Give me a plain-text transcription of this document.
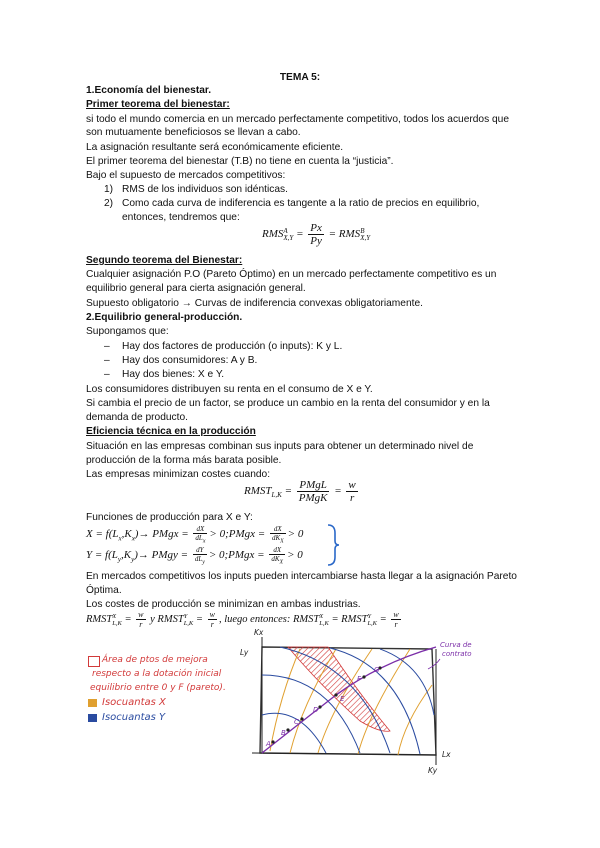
TEMA 5:
1.Economía del bienestar.
Primer teorema del bienestar:
si todo el mundo comercia en un mercado perfectamente competitivo, todos los acuerdos que
son mutuamente beneficiosos se llevan a cabo.
La asignación resultante será económicamente eficiente.
El primer teorema del bienestar (T.B) no tiene en cuenta la “justicia”.
Bajo el supuesto de mercados competitivos:
1) RMS de los individuos son idénticas.
2) Como cada curva de indiferencia es tangente a la ratio de precios en equilibrio,
entonces, tendremos que:
RMS A
$X,Y = \frac{Px}{Py}$ = RMS B
X,Y
Segundo teorema del Bienestar:
Cualquier asignación P.O (Pareto Óptimo) en un mercado perfectamente competitivo es un
equilibrio general para cierta asignación general.
Supuesto obligatorio → Curvas de indiferencia convexas obligatoriamente.
2.Equilibrio general-producción.
Supongamos que:
– Hay dos factores de producción (o inputs): K y L.
– Hay dos consumidores: A y B.
– Hay dos bienes: X e Y.
Los consumidores distribuyen su renta en el consumo de X e Y.
Si cambia el precio de un factor, se produce un cambio en la renta del consumidor y en la
demanda de producto.
Eficiencia técnica en la producción
Situación en las empresas combinan sus inputs para obtener un determinado nivel de
producción de la forma más barata posible.
Las empresas minimizan costes cuando:
$RMST_{L,K} = \frac{\text{PMgL}}{\text{PMgK}} = \frac{w}{r}$
Funciones de producción para X e Y:
$X = f(L_x,K_x)\to$ PMgx = $\frac{dX}{dL_x}$ > 0;PMgx = $\frac{dX}{dK_X} > 0$
$Y = f(L_y,K_y)\to$ PMgy = $\frac{dY}{dL_y}$ > 0;PMgx = $\frac{dX}{dK_X} > 0$
En mercados competitivos los inputs pueden intercambiarse hasta llegar a la asignación Pareto
Óptima.
Los costes de producción se minimizan en ambas industrias.
RMST X
$L,K = \frac{w}{r}$ y RMST Y
$L,K = \frac{w}{r}$ , luego entonces: RMST X
L,K = RMST Y
$L,K = \frac{w}{r}$
Área de ptos de mejora
respecto a la dotación inicial
equilibrio entre 0 y F (pareto).
Isocuantas X
Isocuantas Y
A
B
C
D
E
F
G
Kx
Ly
Lx
Ky
Curva de
contrato
